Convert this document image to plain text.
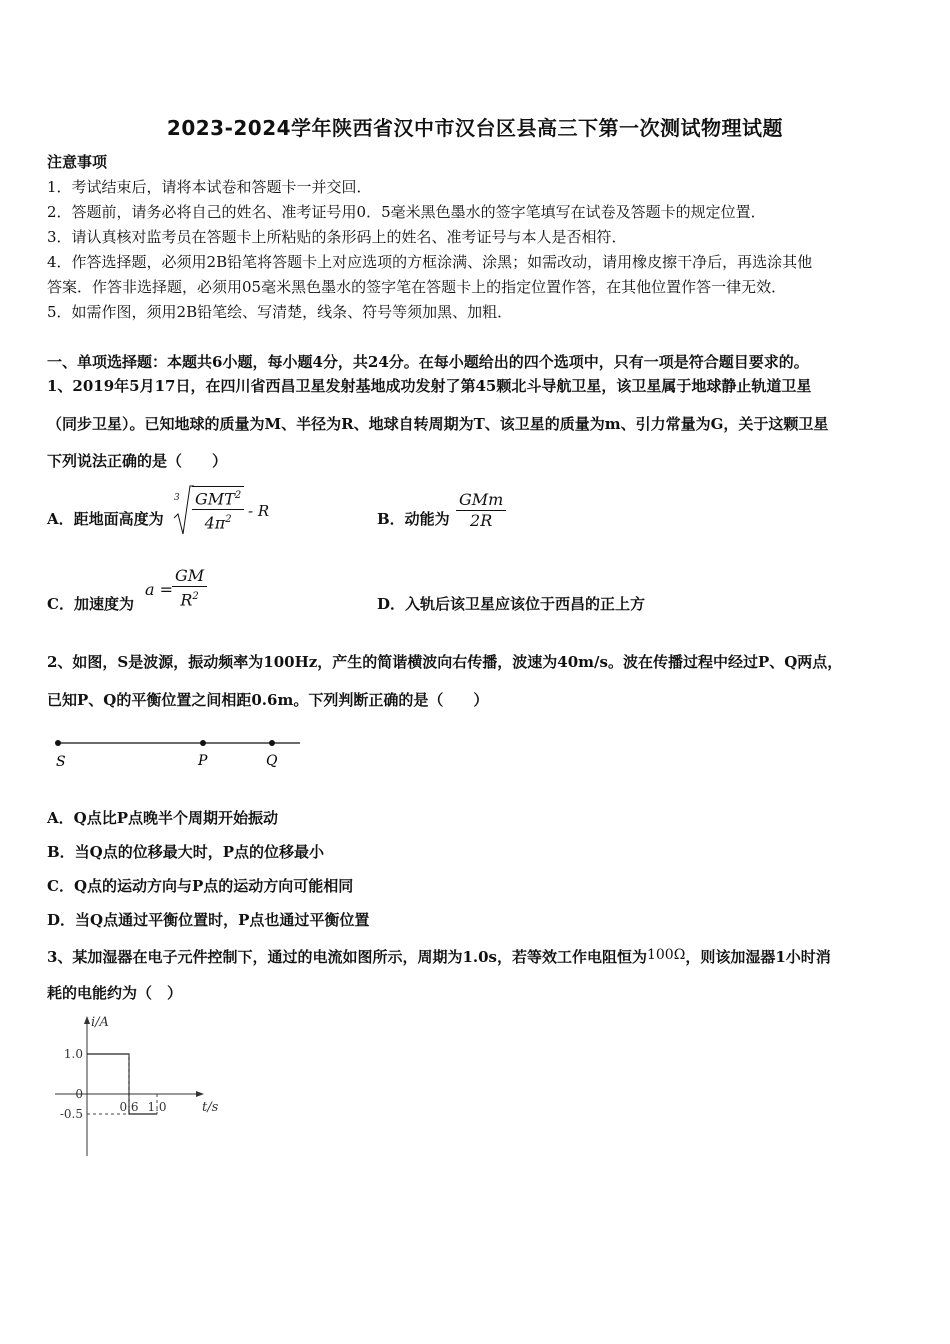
2023-2024学年陕西省汉中市汉台区县高三下第一次测试物理试题
注意事项
1．考试结束后，请将本试卷和答题卡一并交回．
2．答题前，请务必将自己的姓名、准考证号用0．5毫米黑色墨水的签字笔填写在试卷及答题卡的规定位置．
3．请认真核对监考员在答题卡上所粘贴的条形码上的姓名、准考证号与本人是否相符．
4．作答选择题，必须用2B铅笔将答题卡上对应选项的方框涂满、涂黑；如需改动，请用橡皮擦干净后，再选涂其他
答案．作答非选择题，必须用05毫米黑色墨水的签字笔在答题卡上的指定位置作答，在其他位置作答一律无效．
5．如需作图，须用2B铅笔绘、写清楚，线条、符号等须加黑、加粗．
一、单项选择题：本题共6小题，每小题4分，共24分。在每小题给出的四个选项中，只有一项是符合题目要求的。
1、2019年5月17日，在四川省西昌卫星发射基地成功发射了第45颗北斗导航卫星，该卫星属于地球静止轨道卫星
（同步卫星）。已知地球的质量为M、半径为R、地球自转周期为T、该卫星的质量为m、引力常量为G，关于这颗卫星
下列说法正确的是（　　）
A．距地面高度为
3 GMT$^2$
$4\pi^2$	- R	B．动能为
GMm
2R
C．加速度为
a =
$\frac{GM}{R^2}$	D．入轨后该卫星应该位于西昌的正上方
2、如图，S是波源，振动频率为100Hz，产生的简谐横波向右传播，波速为40m/s。波在传播过程中经过P、Q两点，
已知P、Q的平衡位置之间相距0.6m。下列判断正确的是（　　）
S	P	Q
A．Q点比P点晚半个周期开始振动
B．当Q点的位移最大时，P点的位移最小
C．Q点的运动方向与P点的运动方向可能相同
D．当Q点通过平衡位置时，P点也通过平衡位置
3、某加湿器在电子元件控制下，通过的电流如图所示，周期为1.0s，若等效工作电阻恒为100Ω，则该加湿器1小时消
耗的电能约为（　）
1.0
0
-0.5	0.6 1.0
i/A
t/s
